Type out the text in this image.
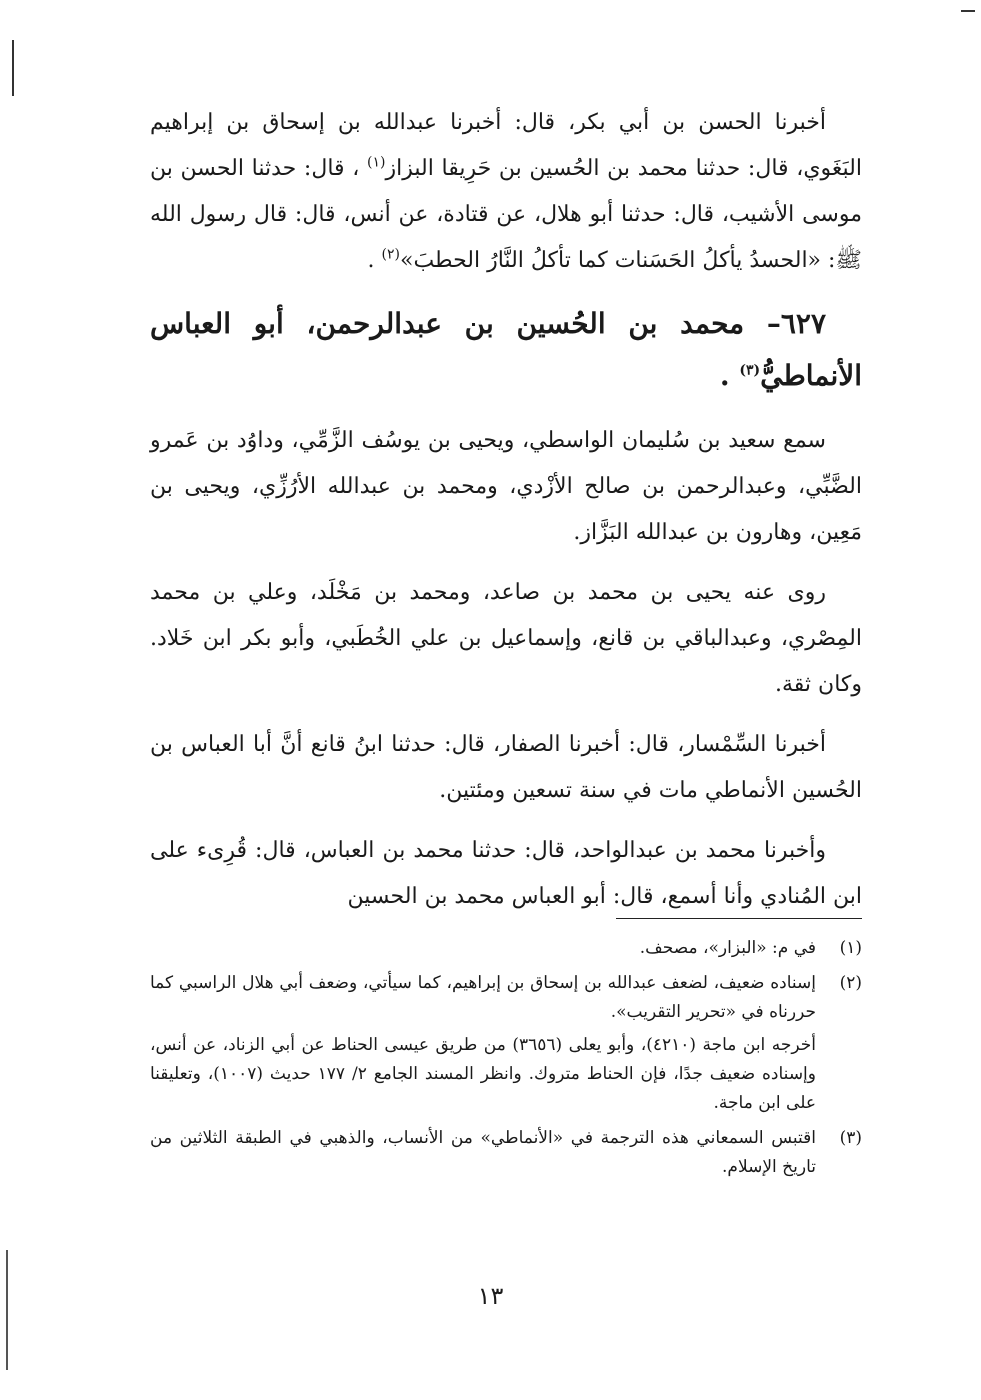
أخبرنا الحسن بن أبي بكر، قال: أخبرنا عبدالله بن إسحاق بن إبراهيم البَغَوي، قال: حدثنا محمد بن الحُسين بن حَرِيقا البزاز$^{(١)}$ ، قال: حدثنا الحسن بن موسى الأشيب، قال: حدثنا أبو هلال، عن قتادة، عن أنس، قال: قال رسول الله ﷺ: «الحسدُ يأكلُ الحَسَنات كما تأكلُ النَّارُ الحطبَ»$^{(٢)}$ .

٦٢٧– محمد بن الحُسين بن عبدالرحمن، أبو العباس الأنماطيُّ$^{(٣)}$ .

سمع سعيد بن سُليمان الواسطي، ويحيى بن يوسُف الزَّمِّي، وداوُد بن عَمرو الضَّبِّي، وعبدالرحمن بن صالح الأزْدي، ومحمد بن عبدالله الأرُزِّي، ويحيى بن مَعِين، وهارون بن عبدالله البَزَّاز.

روى عنه يحيى بن محمد بن صاعد، ومحمد بن مَخْلَد، وعلي بن محمد المِصْري، وعبدالباقي بن قانع، وإسماعيل بن علي الخُطَبي، وأبو بكر ابن خَلاد. وكان ثقة.

أخبرنا السِّمْسار، قال: أخبرنا الصفار، قال: حدثنا ابنُ قانع أنَّ أبا العباس بن الحُسين الأنماطي مات في سنة تسعين ومئتين.

وأخبرنا محمد بن عبدالواحد، قال: حدثنا محمد بن العباس، قال: قُرِىء على ابن المُنادي وأنا أسمع، قال: أبو العباس محمد بن الحسين

(١)
في م: «البزار»، مصحف.
(٢)
إسناده ضعيف، لضعف عبدالله بن إسحاق بن إبراهيم، كما سيأتي، وضعف أبي هلال الراسبي كما حررناه في «تحرير التقريب».
أخرجه ابن ماجة (٤٢١٠)، وأبو يعلى (٣٦٥٦) من طريق عيسى الحناط عن أبي الزناد، عن أنس، وإسناده ضعيف جدًا، فإن الحناط متروك. وانظر المسند الجامع ٢/ ١٧٧ حديث (١٠٠٧)، وتعليقنا على ابن ماجة.
(٣)
اقتبس السمعاني هذه الترجمة في «الأنماطي» من الأنساب، والذهبي في الطبقة الثلاثين من تاريخ الإسلام.
١٣
